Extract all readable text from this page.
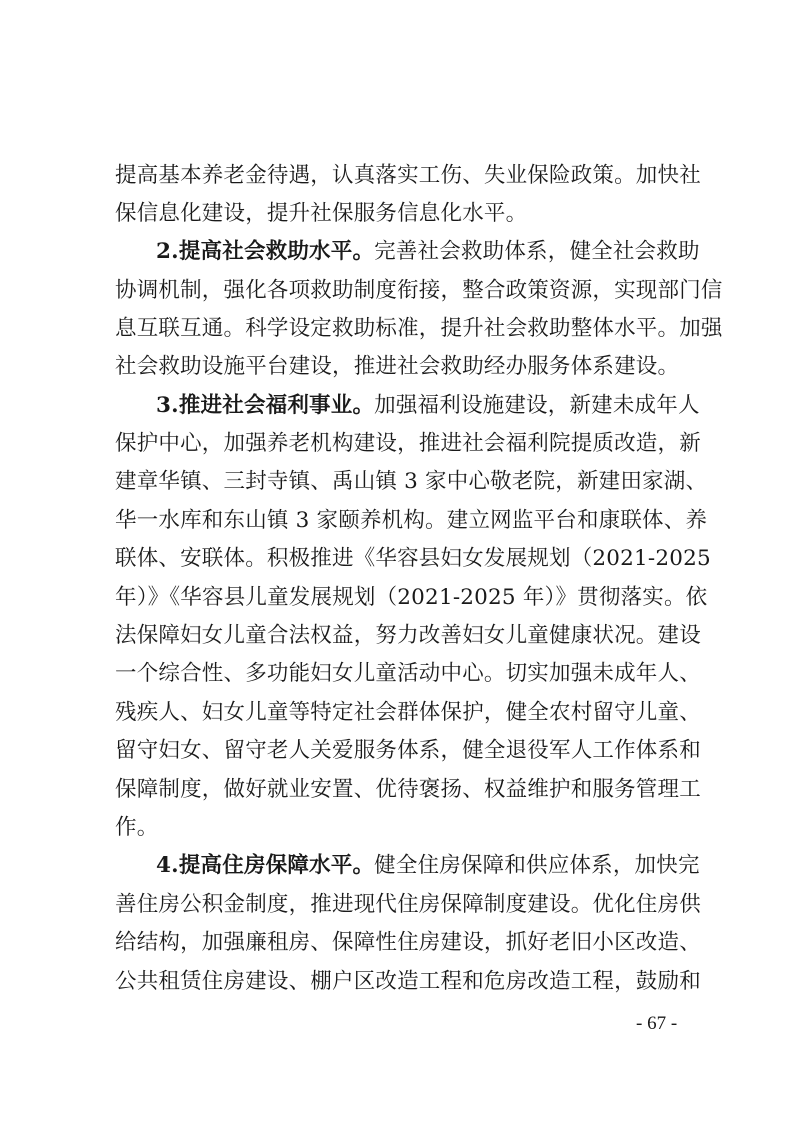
提高基本养老金待遇，认真落实工伤、失业保险政策。加快社
保信息化建设，提升社保服务信息化水平。
2.提高社会救助水平。完善社会救助体系，健全社会救助
协调机制，强化各项救助制度衔接，整合政策资源，实现部门信
息互联互通。科学设定救助标准，提升社会救助整体水平。加强
社会救助设施平台建设，推进社会救助经办服务体系建设。
3.推进社会福利事业。加强福利设施建设，新建未成年人
保护中心，加强养老机构建设，推进社会福利院提质改造，新
建章华镇、三封寺镇、禹山镇 3 家中心敬老院，新建田家湖、
华一水库和东山镇 3 家颐养机构。建立网监平台和康联体、养
联体、安联体。积极推进《华容县妇女发展规划（2021-2025
年）》《华容县儿童发展规划（2021-2025 年）》贯彻落实。依
法保障妇女儿童合法权益，努力改善妇女儿童健康状况。建设
一个综合性、多功能妇女儿童活动中心。切实加强未成年人、
残疾人、妇女儿童等特定社会群体保护，健全农村留守儿童、
留守妇女、留守老人关爱服务体系，健全退役军人工作体系和
保障制度，做好就业安置、优待褒扬、权益维护和服务管理工
作。
4.提高住房保障水平。健全住房保障和供应体系，加快完
善住房公积金制度，推进现代住房保障制度建设。优化住房供
给结构，加强廉租房、保障性住房建设，抓好老旧小区改造、
公共租赁住房建设、棚户区改造工程和危房改造工程，鼓励和
- 67 -
